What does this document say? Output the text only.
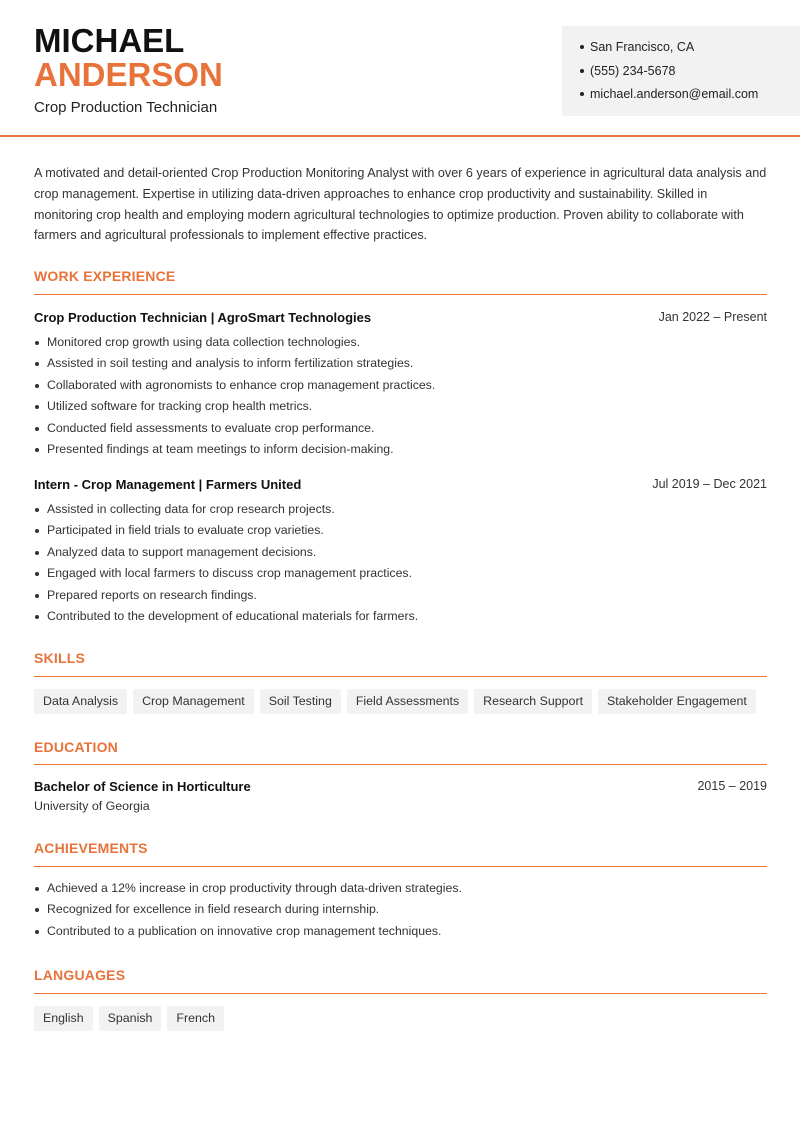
MICHAEL
ANDERSON
Crop Production Technician
San Francisco, CA
(555) 234-5678
michael.anderson@email.com

A motivated and detail-oriented Crop Production Monitoring Analyst with over 6 years of experience in agricultural data analysis and crop management. Expertise in utilizing data-driven approaches to enhance crop productivity and sustainability. Skilled in monitoring crop health and employing modern agricultural technologies to optimize production. Proven ability to collaborate with farmers and agricultural professionals to implement effective practices.

WORK EXPERIENCE
Crop Production Technician | AgroSmart Technologies	Jan 2022 – Present
Monitored crop growth using data collection technologies.
Assisted in soil testing and analysis to inform fertilization strategies.
Collaborated with agronomists to enhance crop management practices.
Utilized software for tracking crop health metrics.
Conducted field assessments to evaluate crop performance.
Presented findings at team meetings to inform decision-making.
Intern - Crop Management | Farmers United	Jul 2019 – Dec 2021
Assisted in collecting data for crop research projects.
Participated in field trials to evaluate crop varieties.
Analyzed data to support management decisions.
Engaged with local farmers to discuss crop management practices.
Prepared reports on research findings.
Contributed to the development of educational materials for farmers.
SKILLS
Data Analysis	Crop Management	Soil Testing	Field Assessments	Research Support	Stakeholder Engagement
EDUCATION
Bachelor of Science in Horticulture	2015 – 2019
University of Georgia
ACHIEVEMENTS
Achieved a 12% increase in crop productivity through data-driven strategies.
Recognized for excellence in field research during internship.
Contributed to a publication on innovative crop management techniques.
LANGUAGES
English	Spanish	French
